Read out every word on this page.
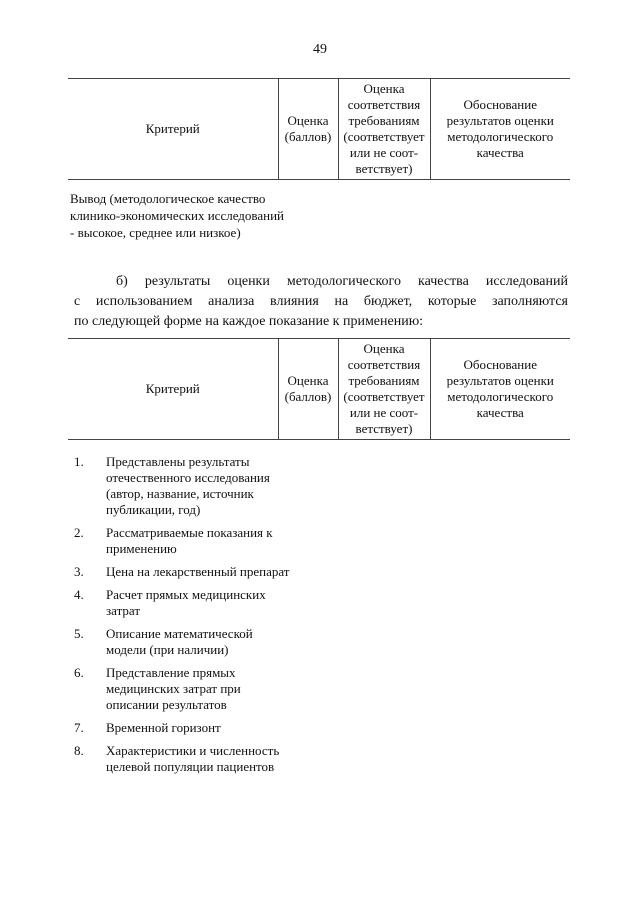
49
Критерий	Оценка (баллов)	Оценка соответствия требованиям (соответствует или не соот-ветствует)	Обоснование результатов оценки методологического качества

Вывод (методологическое качество клинико-экономических исследований - высокое, среднее или низкое)

б) результаты оценки методологического качества исследований
с использованием анализа влияния на бюджет, которые заполняются
по следующей форме на каждое показание к применению:

Критерий	Оценка (баллов)	Оценка соответствия требованиям (соответствует или не соот-ветствует)	Обоснование результатов оценки методологического качества
1.	Представлены результаты отечественного исследования (автор, название, источник публикации, год)
2.	Рассматриваемые показания к применению
3.	Цена на лекарственный препарат
4.	Расчет прямых медицинских затрат
5.	Описание математической модели (при наличии)
6.	Представление прямых медицинских затрат при описании результатов
7.	Временной горизонт
8.	Характеристики и численность целевой популяции пациентов
